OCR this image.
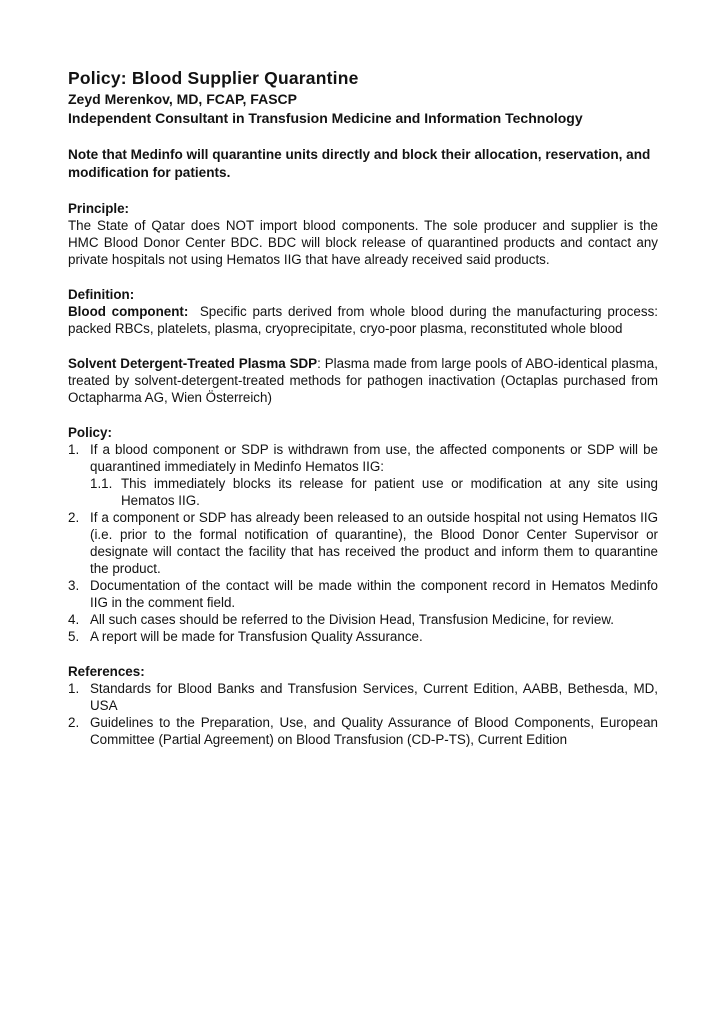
Policy: Blood Supplier Quarantine
Zeyd Merenkov, MD, FCAP, FASCP
Independent Consultant in Transfusion Medicine and Information Technology
Note that Medinfo will quarantine units directly and block their allocation, reservation, and modification for patients.
Principle:
The State of Qatar does NOT import blood components. The sole producer and supplier is the HMC Blood Donor Center BDC. BDC will block release of quarantined products and contact any private hospitals not using Hematos IIG that have already received said products.
Definition:
Blood component:  Specific parts derived from whole blood during the manufacturing process: packed RBCs, platelets, plasma, cryoprecipitate, cryo-poor plasma, reconstituted whole blood
Solvent Detergent-Treated Plasma SDP: Plasma made from large pools of ABO-identical plasma, treated by solvent-detergent-treated methods for pathogen inactivation (Octaplas purchased from Octapharma AG, Wien Österreich)
Policy:
1. If a blood component or SDP is withdrawn from use, the affected components or SDP will be quarantined immediately in Medinfo Hematos IIG:
1.1. This immediately blocks its release for patient use or modification at any site using Hematos IIG.
2. If a component or SDP has already been released to an outside hospital not using Hematos IIG (i.e. prior to the formal notification of quarantine), the Blood Donor Center Supervisor or designate will contact the facility that has received the product and inform them to quarantine the product.
3. Documentation of the contact will be made within the component record in Hematos Medinfo IIG in the comment field.
4. All such cases should be referred to the Division Head, Transfusion Medicine, for review.
5. A report will be made for Transfusion Quality Assurance.
References:
1. Standards for Blood Banks and Transfusion Services, Current Edition, AABB, Bethesda, MD, USA
2. Guidelines to the Preparation, Use, and Quality Assurance of Blood Components, European Committee (Partial Agreement) on Blood Transfusion (CD-P-TS), Current Edition
